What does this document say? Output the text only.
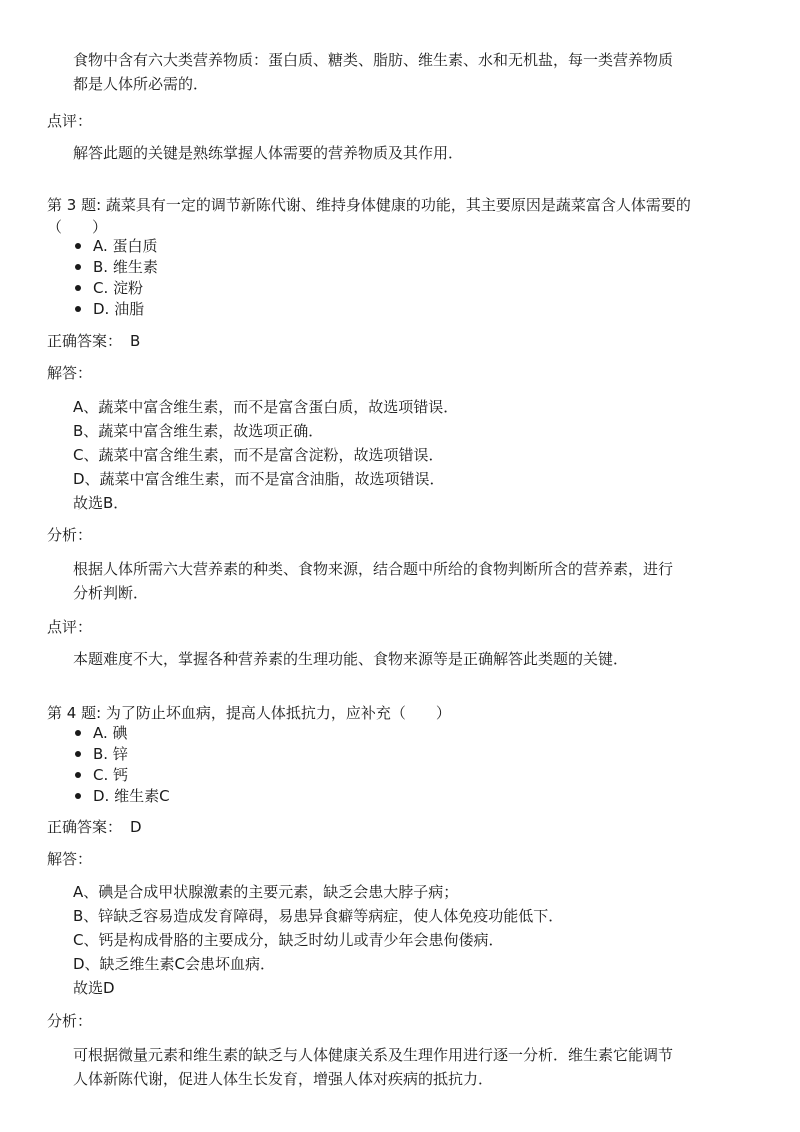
食物中含有六大类营养物质：蛋白质、糖类、脂肪、维生素、水和无机盐，每一类营养物质
都是人体所必需的．
点评：
解答此题的关键是熟练掌握人体需要的营养物质及其作用．
第 3 题: 蔬菜具有一定的调节新陈代谢、维持身体健康的功能，其主要原因是蔬菜富含人体需要的
（　　）
A. 蛋白质
B. 维生素
C. 淀粉
D. 油脂
正确答案： B
解答：
A、蔬菜中富含维生素，而不是富含蛋白质，故选项错误．
B、蔬菜中富含维生素，故选项正确．
C、蔬菜中富含维生素，而不是富含淀粉，故选项错误．
D、蔬菜中富含维生素，而不是富含油脂，故选项错误．
故选B．
分析：
根据人体所需六大营养素的种类、食物来源，结合题中所给的食物判断所含的营养素，进行
分析判断．
点评：
本题难度不大，掌握各种营养素的生理功能、食物来源等是正确解答此类题的关键．
第 4 题: 为了防止坏血病，提高人体抵抗力，应补充（　　）
A. 碘
B. 锌
C. 钙
D. 维生素C
正确答案： D
解答：
A、碘是合成甲状腺激素的主要元素，缺乏会患大脖子病；
B、锌缺乏容易造成发育障碍，易患异食癖等病症，使人体免疫功能低下．
C、钙是构成骨胳的主要成分，缺乏时幼儿或青少年会患佝偻病．
D、缺乏维生素C会患坏血病．
故选D
分析：
可根据微量元素和维生素的缺乏与人体健康关系及生理作用进行逐一分析．维生素它能调节
人体新陈代谢，促进人体生长发育，增强人体对疾病的抵抗力．
